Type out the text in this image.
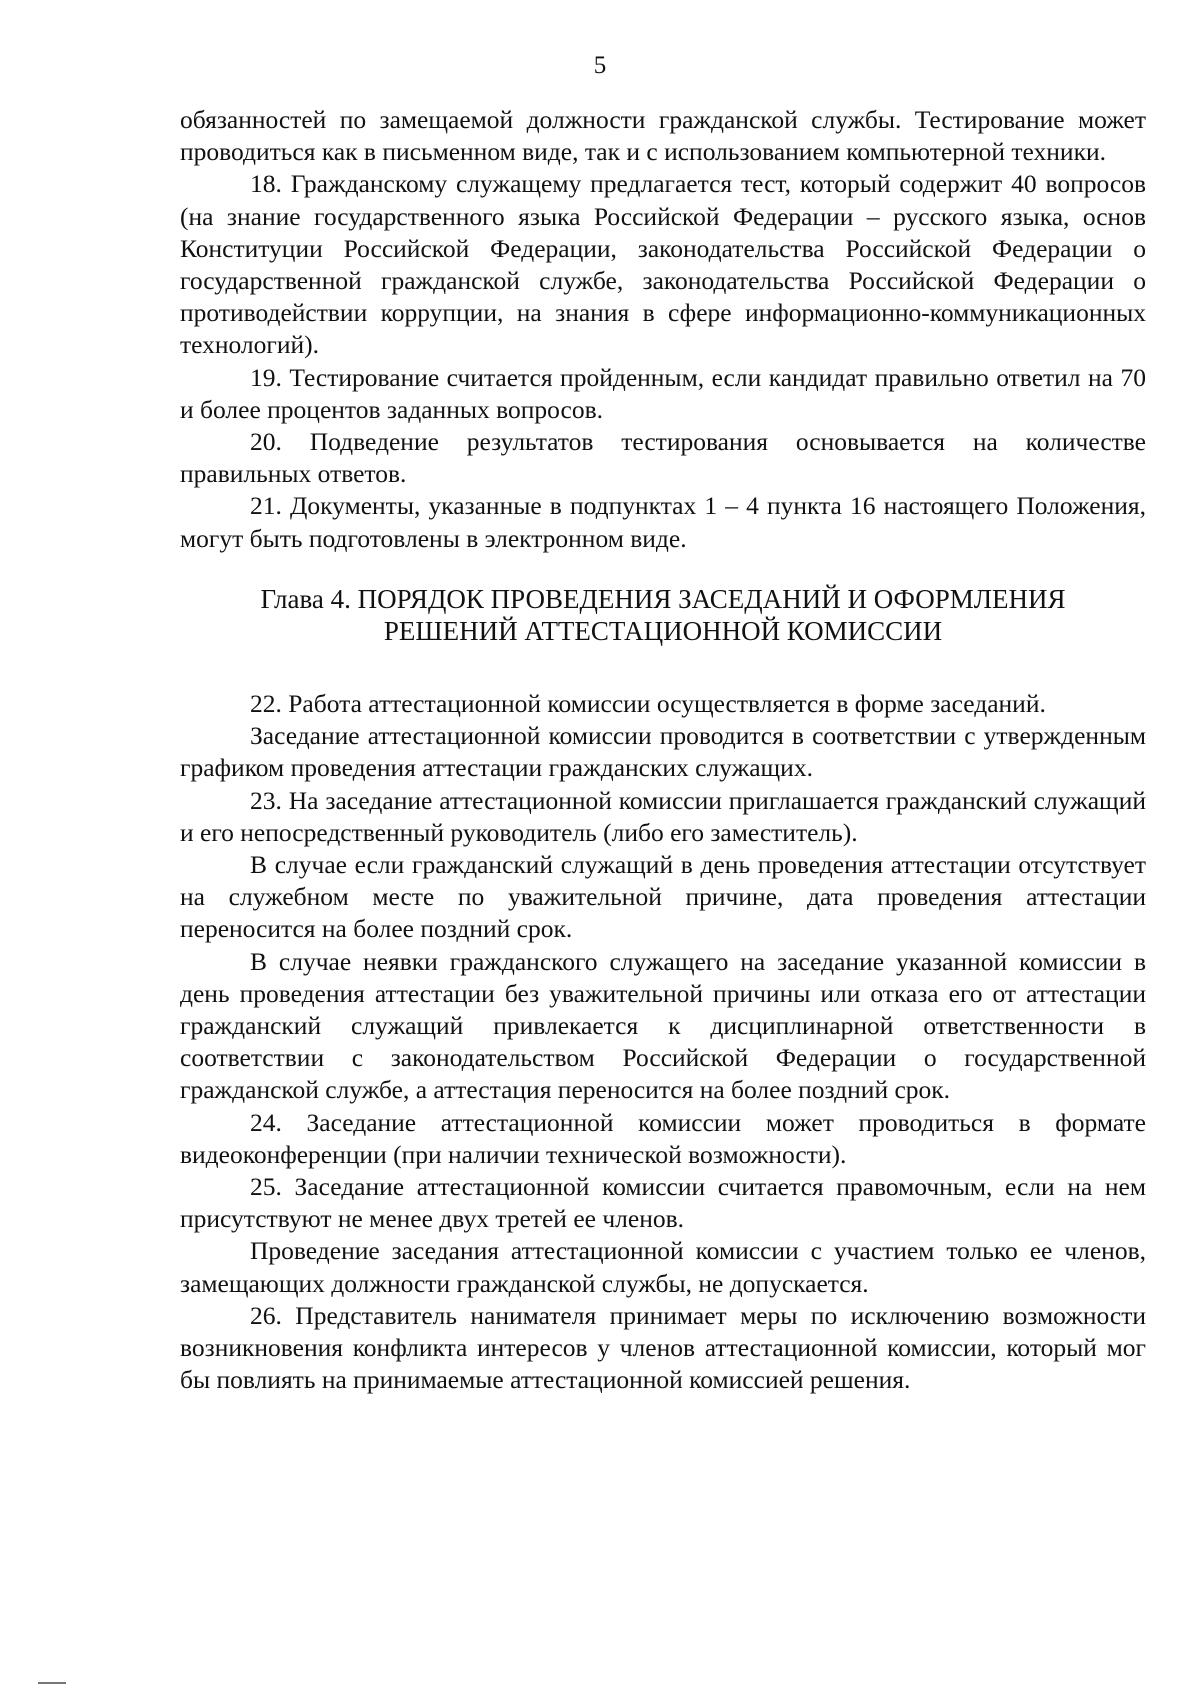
5

обязанностей по замещаемой должности гражданской службы. Тестирование может проводиться как в письменном виде, так и с использованием компьютерной техники.

18. Гражданскому служащему предлагается тест, который содержит 40 вопросов (на знание государственного языка Российской Федерации – русского языка, основ Конституции Российской Федерации, законодательства Российской Федерации о государственной гражданской службе, законодательства Российской Федерации о противодействии коррупции, на знания в сфере информационно-коммуникационных технологий).

19. Тестирование считается пройденным, если кандидат правильно ответил на 70 и более процентов заданных вопросов.

20. Подведение результатов тестирования основывается на количестве правильных ответов.

21. Документы, указанные в подпунктах 1 – 4 пункта 16 настоящего Положения, могут быть подготовлены в электронном виде.

Глава 4. ПОРЯДОК ПРОВЕДЕНИЯ ЗАСЕДАНИЙ И ОФОРМЛЕНИЯ
РЕШЕНИЙ АТТЕСТАЦИОННОЙ КОМИССИИ

22. Работа аттестационной комиссии осуществляется в форме заседаний.

Заседание аттестационной комиссии проводится в соответствии с утвержденным графиком проведения аттестации гражданских служащих.

23. На заседание аттестационной комиссии приглашается гражданский служащий и его непосредственный руководитель (либо его заместитель).

В случае если гражданский служащий в день проведения аттестации отсутствует на служебном месте по уважительной причине, дата проведения аттестации переносится на более поздний срок.

В случае неявки гражданского служащего на заседание указанной комиссии в день проведения аттестации без уважительной причины или отказа его от аттестации гражданский служащий привлекается к дисциплинарной ответственности в соответствии с законодательством Российской Федерации о государственной гражданской службе, а аттестация переносится на более поздний срок.

24. Заседание аттестационной комиссии может проводиться в формате видеоконференции (при наличии технической возможности).

25. Заседание аттестационной комиссии считается правомочным, если на нем присутствуют не менее двух третей ее членов.

Проведение заседания аттестационной комиссии с участием только ее членов, замещающих должности гражданской службы, не допускается.

26. Представитель нанимателя принимает меры по исключению возможности возникновения конфликта интересов у членов аттестационной комиссии, который мог бы повлиять на принимаемые аттестационной комиссией решения.
